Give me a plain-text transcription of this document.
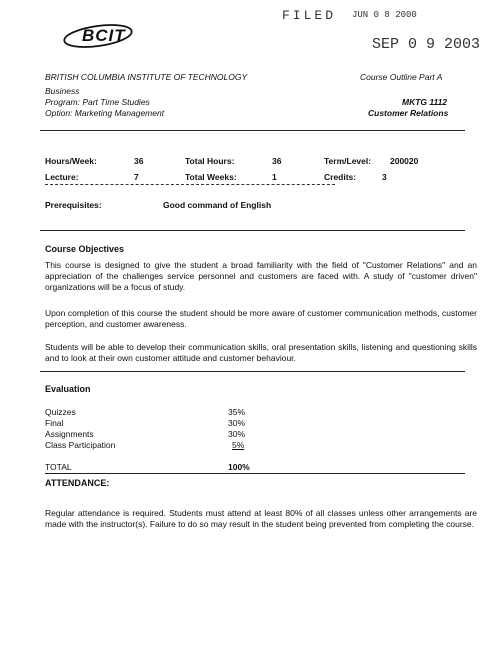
FILED JUN 0 8 2000
SEP 0 9 2003
BCIT
BRITISH COLUMBIA INSTITUTE OF TECHNOLOGY	Course Outline Part A
Business
Program: Part Time Studies	MKTG 1112
Option: Marketing Management	Customer Relations
Hours/Week:	36	Total Hours:	36	Term/Level: 200020
Lecture:	7	Total Weeks:	1	Credits:	3
Prerequisites:	Good command of English
Course Objectives
This course is designed to give the student a broad familiarity with the field of "Customer Relations" and an appreciation of the challenges service personnel and customers are faced with. A study of "customer driven" organizations will be a focus of study.
Upon completion of this course the student should be more aware of customer communication methods, customer perception, and customer awareness.
Students will be able to develop their communication skills, oral presentation skills, listening and questioning skills and to look at their own customer attitude and customer behaviour.
Evaluation
Quizzes	35%
Final	30%
Assignments	30%
Class Participation	5%
TOTAL	100%
ATTENDANCE:
Regular attendance is required. Students must attend at least 80% of all classes unless other arrangements are made with the instructor(s). Failure to do so may result in the student being prevented from completing the course.
